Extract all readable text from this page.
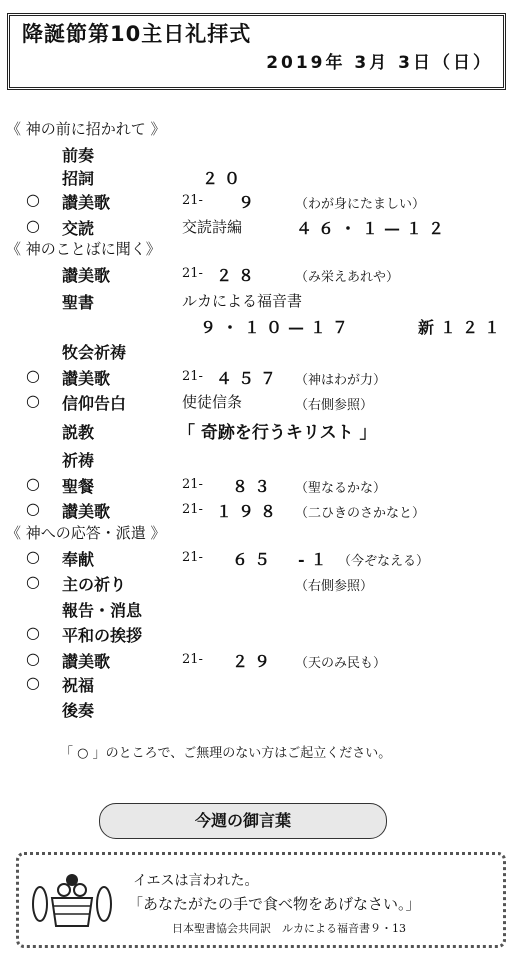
降誕節第10主日礼拝式
2019年 3月 3日（日）
《 神の前に招かれて 》
前奏
招詞	２０
○ 讃美歌	21- ９	（わが身にたましい）
○ 交読	交読詩編	４６・１—１２
《 神のことばに聞く》
讃美歌	21- ２８	（み栄えあれや）
聖書	ルカによる福音書
９・１０—１７	新１２１
牧会祈祷
○ 讃美歌	21- ４５７ （神はわが力）
○ 信仰告白	使徒信条	（右側参照）
説教	「 奇跡を行うキリスト 」
祈祷
○ 聖餐	21- ８３ （聖なるかな）
○ 讃美歌	21- １９８ （二ひきのさかなと）
《 神への応答・派遣 》
○ 奉献	21- ６５　-１ （今ぞなえる）
○ 主の祈り	（右側参照）
報告・消息
○ 平和の挨拶
○ 讃美歌	21- ２９ （天のみ民も）
○ 祝福
後奏
「 ○ 」のところで、ご無理のない方はご起立ください。
今週の御言葉
イエスは言われた。
「あなたがたの手で食べ物をあげなさい。」
日本聖書協会共同訳　ルカによる福音書９・13
